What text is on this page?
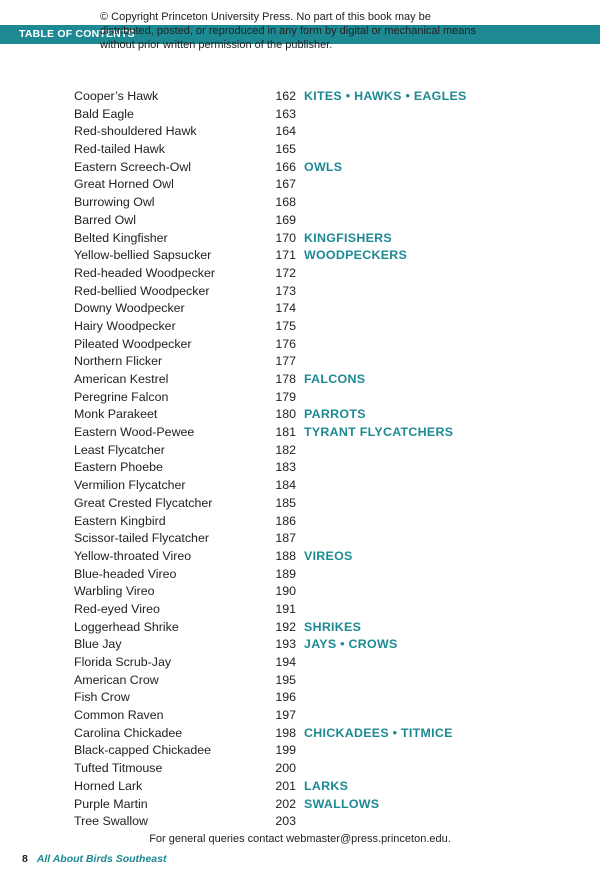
TABLE OF CONTENTS
© Copyright Princeton University Press. No part of this book may be distributed, posted, or reproduced in any form by digital or mechanical means without prior written permission of the publisher.
Cooper’s Hawk	162 KITES • HAWKS • EAGLES
Bald Eagle	163
Red-shouldered Hawk	164
Red-tailed Hawk	165
Eastern Screech-Owl	166 OWLS
Great Horned Owl	167
Burrowing Owl	168
Barred Owl	169
Belted Kingfisher	170 KINGFISHERS
Yellow-bellied Sapsucker	171 WOODPECKERS
Red-headed Woodpecker	172
Red-bellied Woodpecker	173
Downy Woodpecker	174
Hairy Woodpecker	175
Pileated Woodpecker	176
Northern Flicker	177
American Kestrel	178 FALCONS
Peregrine Falcon	179
Monk Parakeet	180 PARROTS
Eastern Wood-Pewee	181 TYRANT FLYCATCHERS
Least Flycatcher	182
Eastern Phoebe	183
Vermilion Flycatcher	184
Great Crested Flycatcher	185
Eastern Kingbird	186
Scissor-tailed Flycatcher	187
Yellow-throated Vireo	188 VIREOS
Blue-headed Vireo	189
Warbling Vireo	190
Red-eyed Vireo	191
Loggerhead Shrike	192 SHRIKES
Blue Jay	193 JAYS • CROWS
Florida Scrub-Jay	194
American Crow	195
Fish Crow	196
Common Raven	197
Carolina Chickadee	198 CHICKADEES • TITMICE
Black-capped Chickadee	199
Tufted Titmouse	200
Horned Lark	201 LARKS
Purple Martin	202 SWALLOWS
Tree Swallow	203
For general queries contact webmaster@press.princeton.edu.
8 All About Birds Southeast
